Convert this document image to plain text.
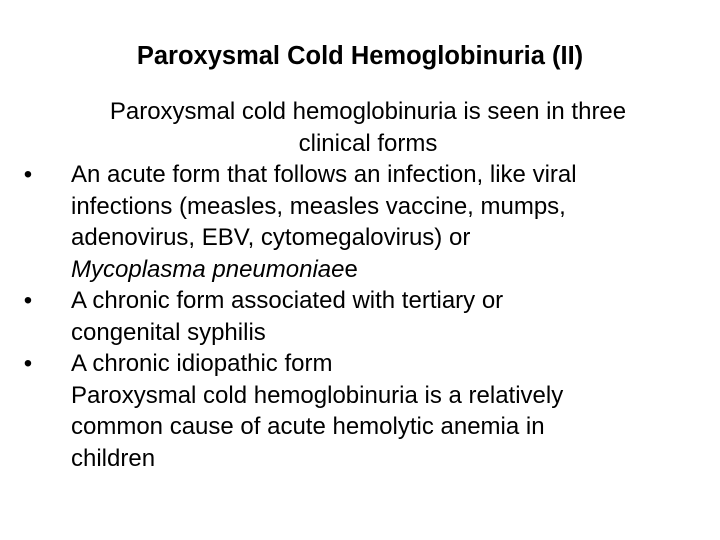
Paroxysmal Cold Hemoglobinuria (II)
Paroxysmal cold hemoglobinuria is seen in three
clinical forms
• An acute form that follows an infection, like viral
infections (measles, measles vaccine, mumps,
adenovirus, EBV, cytomegalovirus) or
Mycoplasma pneumoniaee
• A chronic form associated with tertiary or
congenital syphilis
• A chronic idiopathic form
Paroxysmal cold hemoglobinuria is a relatively
common cause of acute hemolytic anemia in
children
